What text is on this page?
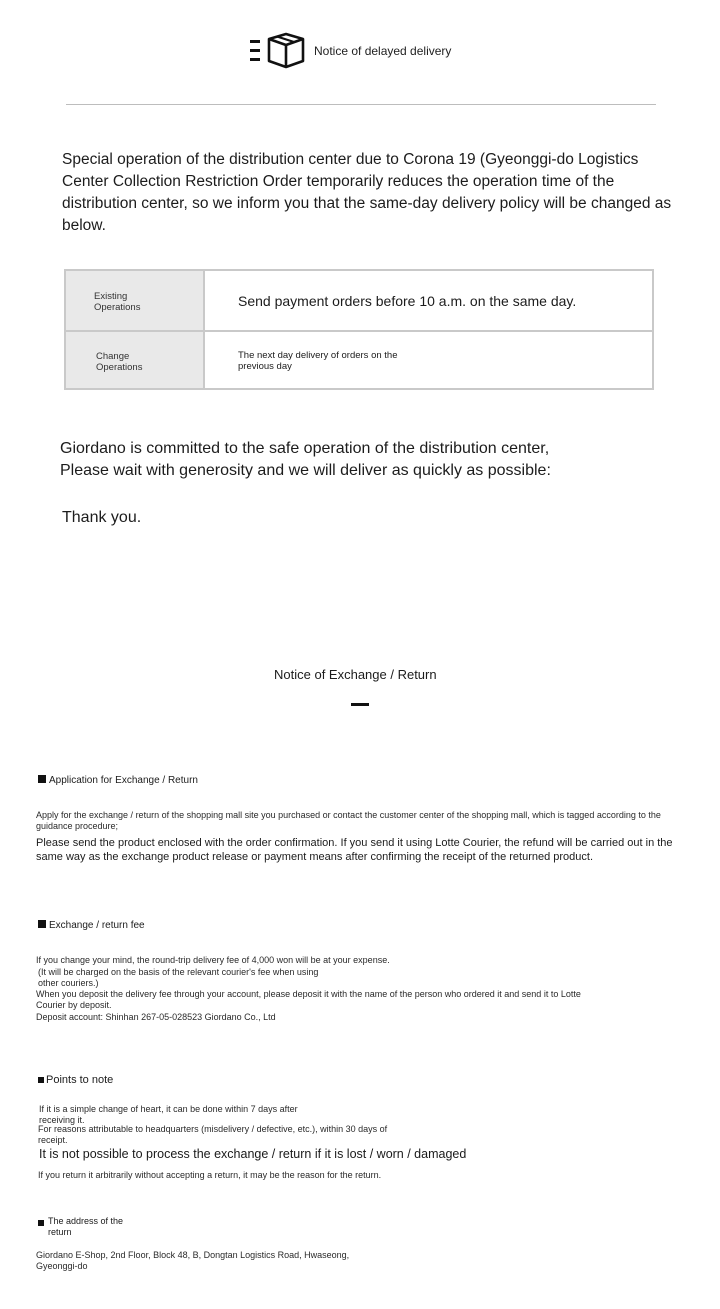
Notice of delayed delivery
Special operation of the distribution center due to Corona 19 (Gyeonggi-do Logistics Center Collection Restriction Order temporarily reduces the operation time of the distribution center, so we inform you that the same-day delivery policy will be changed as below.
Existing Operations	Send payment orders before 10 a.m. on the same day.
Change Operations
The next day delivery of orders on the previous day
Giordano is committed to the safe operation of the distribution center,
Please wait with generosity and we will deliver as quickly as possible:
Thank you.
Notice of Exchange / Return
Application for Exchange / Return
Apply for the exchange / return of the shopping mall site you purchased or contact the customer center of the shopping mall, which is tagged according to the guidance procedure;
Please send the product enclosed with the order confirmation. If you send it using Lotte Courier, the refund will be carried out in the same way as the exchange product release or payment means after confirming the receipt of the returned product.
Exchange / return fee
If you change your mind, the round-trip delivery fee of 4,000 won will be at your expense.
(It will be charged on the basis of the relevant courier's fee when using other couriers.)
When you deposit the delivery fee through your account, please deposit it with the name of the person who ordered it and send it to Lotte Courier by deposit.
Deposit account: Shinhan 267-05-028523 Giordano Co., Ltd
Points to note
If it is a simple change of heart, it can be done within 7 days after receiving it.
For reasons attributable to headquarters (misdelivery / defective, etc.), within 30 days of receipt.
It is not possible to process the exchange / return if it is lost / worn / damaged
If you return it arbitrarily without accepting a return, it may be the reason for the return.
The address of the return
Giordano E-Shop, 2nd Floor, Block 48, B, Dongtan Logistics Road, Hwaseong, Gyeonggi-do
